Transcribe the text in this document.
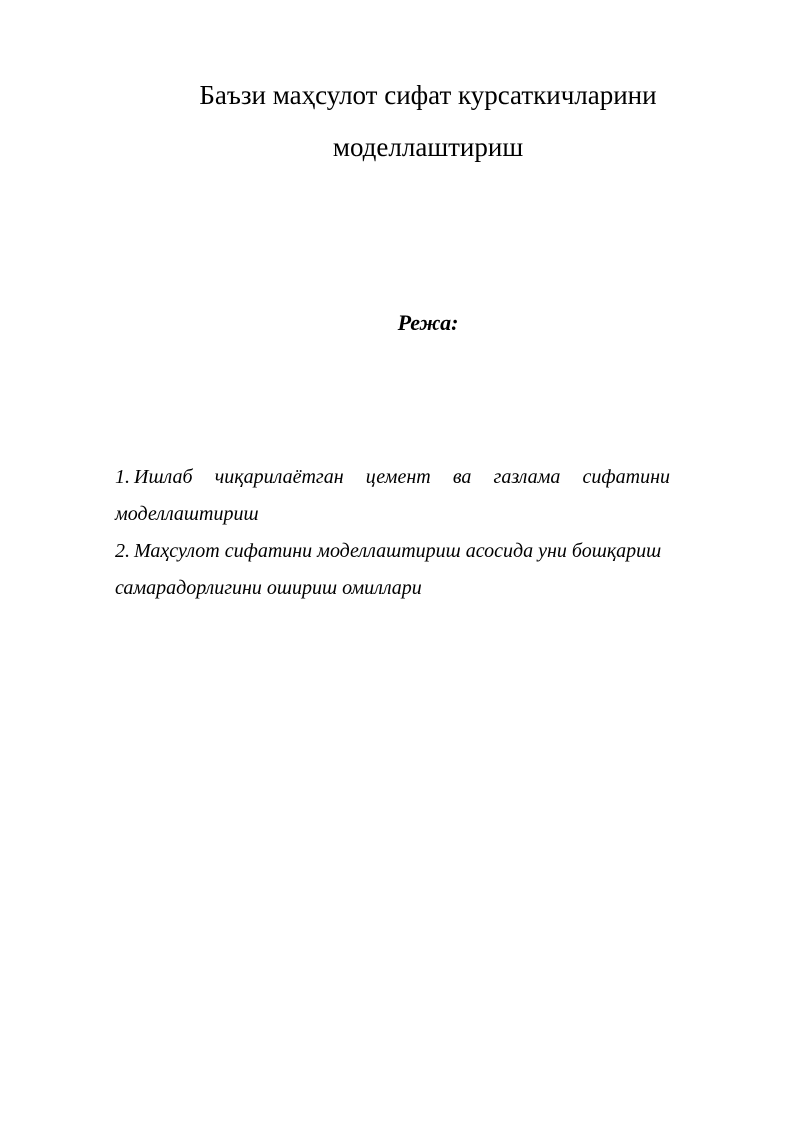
Баъзи маҳсулот сифат курсаткичларини
моделлаштириш
Режа:
1. Ишлаб чиқарилаётган цемент ва газлама сифатини
моделлаштириш
2. Маҳсулот сифатини моделлаштириш асосида уни бошқариш
самарадорлигини ошириш омиллари
